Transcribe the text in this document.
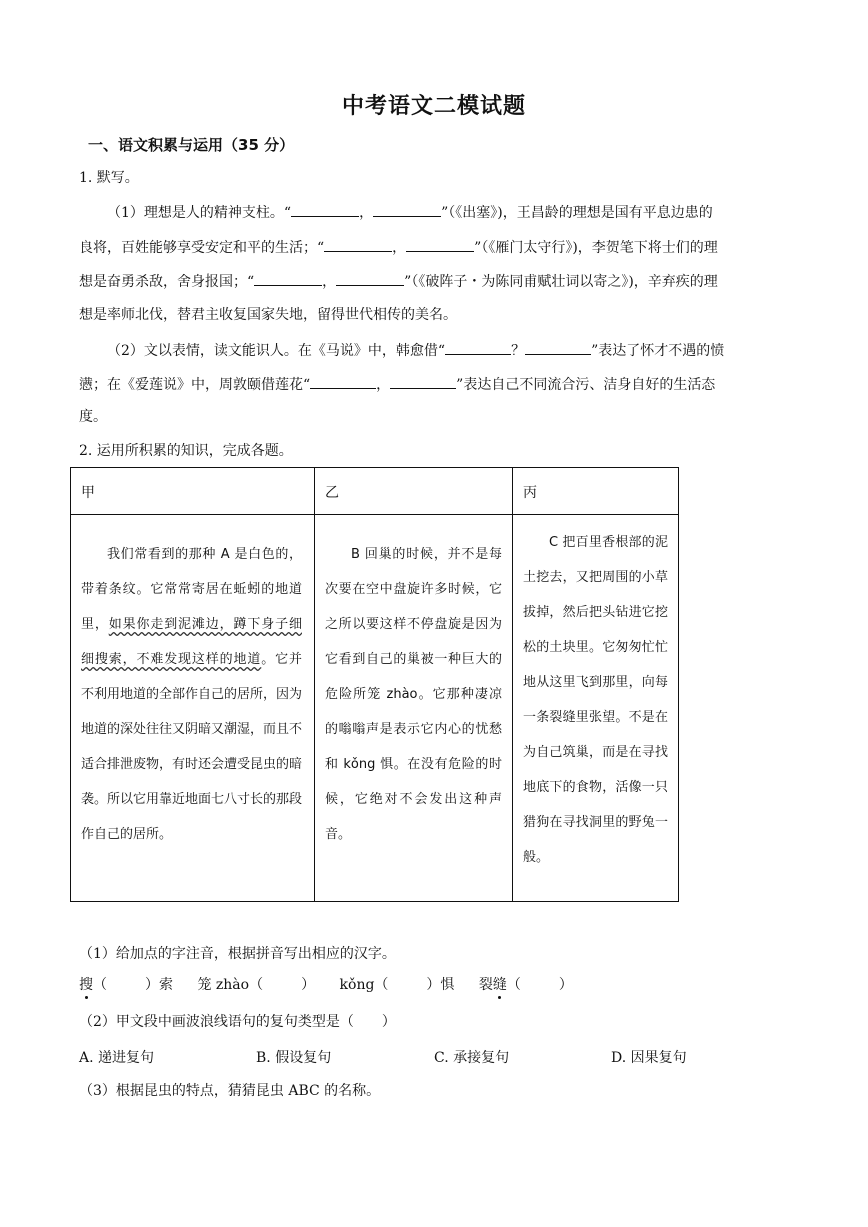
中考语文二模试题
一、语文积累与运用（35 分）
1. 默写。
（1）理想是人的精神支柱。“	，	”（《出塞》)，王昌龄的理想是国有平息边患的
良将，百姓能够享受安定和平的生活；“	，	”（《雁门太守行》)，李贺笔下将士们的理
想是奋勇杀敌，舍身报国；“	，	”（《破阵子・为陈同甫赋壮词以寄之》)，辛弃疾的理
想是率师北伐，替君主收复国家失地，留得世代相传的美名。
（2）文以表情，读文能识人。在《马说》中，韩愈借“	？	”表达了怀才不遇的愤
懑；在《爱莲说》中，周敦颐借莲花“	，	”表达自己不同流合污、洁身自好的生活态
度。
2. 运用所积累的知识，完成各题。
甲	乙	丙

我们常看到的那种 A 是白色的，带着条纹。它常常寄居在蚯蚓的地道里，如果你走到泥滩边，蹲下身子细细搜索，不难发现这样的地道。它并不利用地道的全部作自己的居所，因为地道的深处往往又阴暗又潮湿，而且不适合排泄废物，有时还会遭受昆虫的暗袭。所以它用靠近地面七八寸长的那段作自己的居所。	B 回巢的时候，并不是每次要在空中盘旋许多时候，它之所以要这样不停盘旋是因为它看到自己的巢被一种巨大的危险所笼 zhào。它那种凄凉的嗡嗡声是表示它内心的忧愁和 kǒng 惧。在没有危险的时候，它绝对不会发出这种声音。	C 把百里香根部的泥土挖去，又把周围的小草拔掉，然后把头钻进它挖松的土块里。它匆匆忙忙地从这里飞到那里，向每一条裂缝里张望。不是在为自己筑巢，而是在寻找地底下的食物，活像一只猎狗在寻找洞里的野兔一般。
（1）给加点的字注音，根据拼音写出相应的汉字。
搜（	）索 笼 zhào（	） kǒng（	）惧 裂缝（	）
（2）甲文段中画波浪线语句的复句类型是（　　）
A. 递进复句	B. 假设复句	C. 承接复句	D. 因果复句
（3）根据昆虫的特点，猜猜昆虫 ABC 的名称。
